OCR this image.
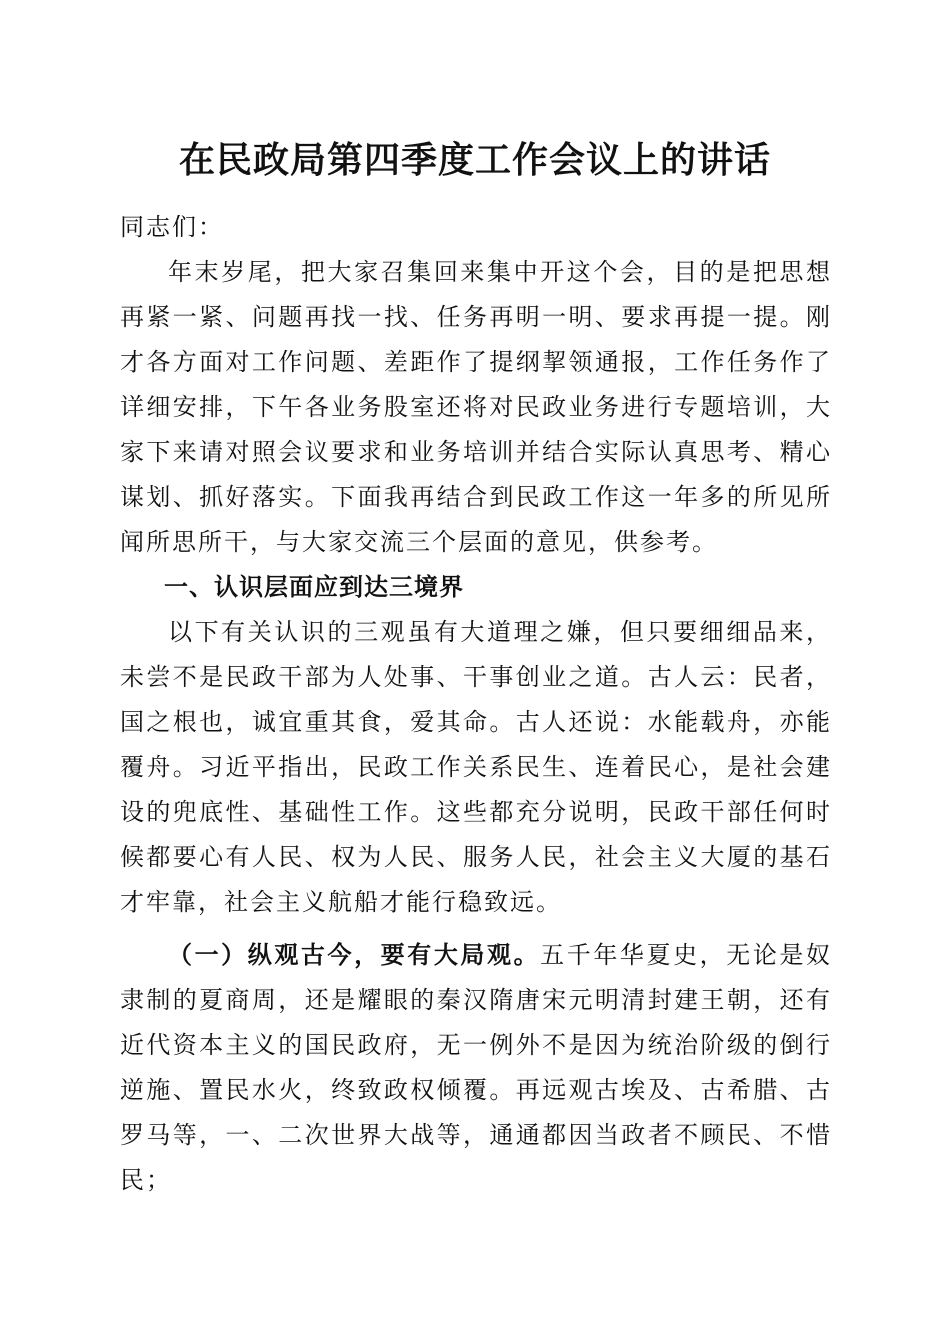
在民政局第四季度工作会议上的讲话

同志们：

年末岁尾，把大家召集回来集中开这个会，目的是把思想再紧一紧、问题再找一找、任务再明一明、要求再提一提。刚才各方面对工作问题、差距作了提纲挈领通报，工作任务作了详细安排，下午各业务股室还将对民政业务进行专题培训，大家下来请对照会议要求和业务培训并结合实际认真思考、精心谋划、抓好落实。下面我再结合到民政工作这一年多的所见所闻所思所干，与大家交流三个层面的意见，供参考。

一、认识层面应到达三境界

以下有关认识的三观虽有大道理之嫌，但只要细细品来，未尝不是民政干部为人处事、干事创业之道。古人云：民者，国之根也，诚宜重其食，爱其命。古人还说：水能载舟，亦能覆舟。习近平指出，民政工作关系民生、连着民心，是社会建设的兜底性、基础性工作。这些都充分说明，民政干部任何时候都要心有人民、权为人民、服务人民，社会主义大厦的基石才牢靠，社会主义航船才能行稳致远。

（一）纵观古今，要有大局观。五千年华夏史，无论是奴隶制的夏商周，还是耀眼的秦汉隋唐宋元明清封建王朝，还有近代资本主义的国民政府，无一例外不是因为统治阶级的倒行逆施、置民水火，终致政权倾覆。再远观古埃及、古希腊、古罗马等，一、二次世界大战等，通通都因当政者不顾民、不惜民；
